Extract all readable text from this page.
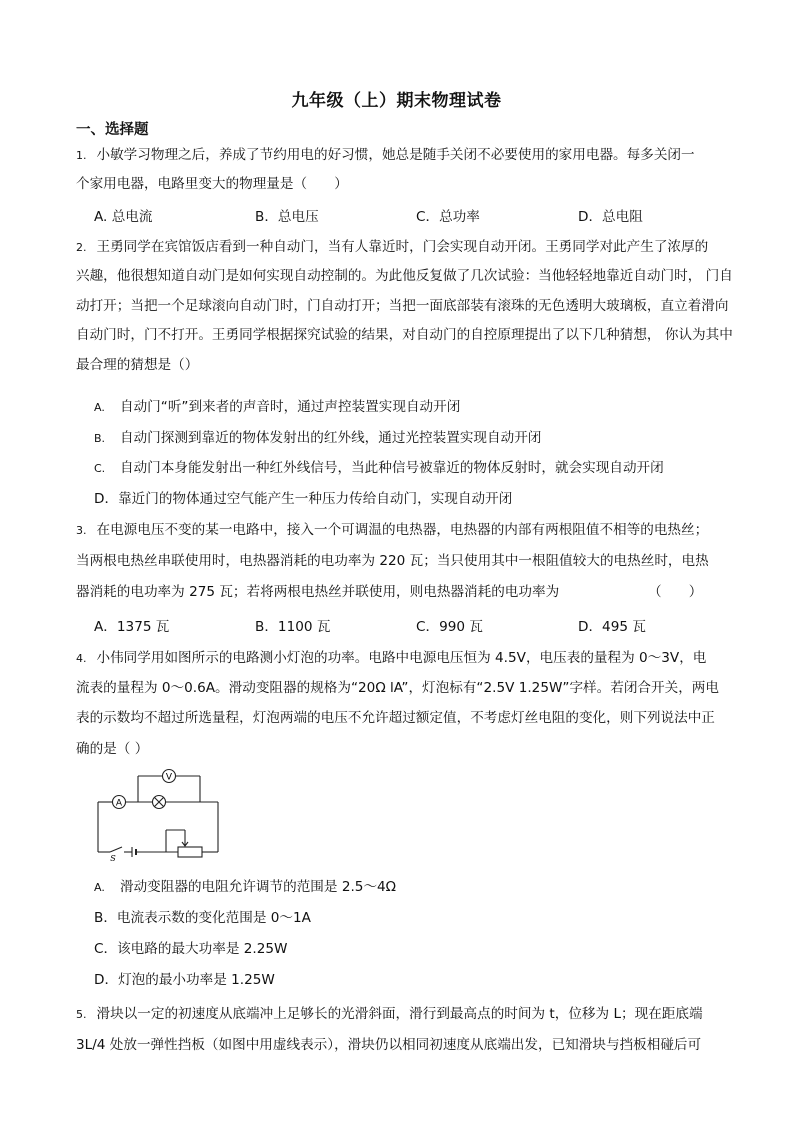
九年级（上）期末物理试卷
一、选择题
1. 小敏学习物理之后，养成了节约用电的好习惯，她总是随手关闭不必要使用的家用电器。每多关闭一
个家用电器，电路里变大的物理量是（　　）
A. 总电流	B．总电压	C．总功率	D．总电阻
2. 王勇同学在宾馆饭店看到一种自动门，当有人靠近时，门会实现自动开闭。王勇同学对此产生了浓厚的
兴趣，他很想知道自动门是如何实现自动控制的。为此他反复做了几次试验：当他轻轻地靠近自动门时， 门自
动打开；当把一个足球滚向自动门时，门自动打开；当把一面底部装有滚珠的无色透明大玻璃板，直立着滑向
自动门时，门不打开。王勇同学根据探究试验的结果，对自动门的自控原理提出了以下几种猜想， 你认为其中
最合理的猜想是（）
A. 自动门“听”到来者的声音时，通过声控装置实现自动开闭
B. 自动门探测到靠近的物体发射出的红外线，通过光控装置实现自动开闭
C. 自动门本身能发射出一种红外线信号，当此种信号被靠近的物体反射时，就会实现自动开闭
D．靠近门的物体通过空气能产生一种压力传给自动门，实现自动开闭
3. 在电源电压不变的某一电路中，接入一个可调温的电热器，电热器的内部有两根阻值不相等的电热丝；
当两根电热丝串联使用时，电热器消耗的电功率为 220 瓦；当只使用其中一根阻值较大的电热丝时，电热
器消耗的电功率为 275 瓦；若将两根电热丝并联使用，则电热器消耗的电功率为	（　　）
A．1375 瓦	B．1100 瓦	C．990 瓦	D．495 瓦
4. 小伟同学用如图所示的电路测小灯泡的功率。电路中电源电压恒为 4.5V，电压表的量程为 0～3V，电
流表的量程为 0～0.6A。滑动变阻器的规格为“20Ω lA”，灯泡标有“2.5V 1.25W”字样。若闭合开关，两电
表的示数均不超过所选量程，灯泡两端的电压不允许超过额定值，不考虑灯丝电阻的变化，则下列说法中正
确的是（ ）
V
A
S
A. 滑动变阻器的电阻允许调节的范围是 2.5～4Ω
B．电流表示数的变化范围是 0～1A
C．该电路的最大功率是 2.25W
D．灯泡的最小功率是 1.25W
5. 滑块以一定的初速度从底端冲上足够长的光滑斜面，滑行到最高点的时间为 t，位移为 L；现在距底端
3L/4 处放一弹性挡板（如图中用虚线表示），滑块仍以相同初速度从底端出发，已知滑块与挡板相碰后可
